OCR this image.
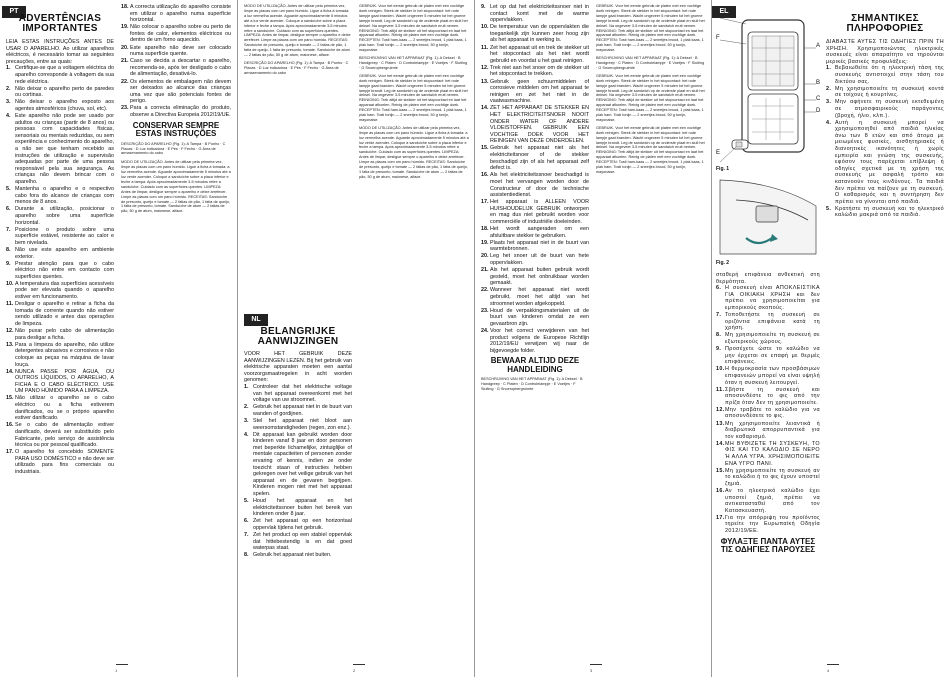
PT
ADVERTÊNCIAS IMPORTANTES
LEIA ESTAS INSTRUÇÕES ANTES DE USAR O APARELHO. Ao utilizar aparelhos eléctricos, é necessário tomar as seguintes precauções, entre as quais:
1. Certifique-se que a voltagem eléctrica do aparelho corresponde à voltagem da sua rede eléctrica.
2. Não deixar o aparelho perto de paredes ou cortinas.
3. Não deixar o aparelho exposto aos agentes atmosféricos (chuva, sol, etc).
4. Este aparelho não pode ser usado por adultos ou crianças (partir de 8 anos) ou pessoas com capacidades físicas, sensoriais ou mentais reduzidas, ou sem experiência e conhecimento do aparelho, a não ser que tenham recebido as instruções de utilização e supervisão adequadas por parte de uma pessoa responsável pela sua segurança. As crianças não devem brincar com o aparelho.
5. Mantenha o aparelho e o respectivo cabo fora do alcance de crianças com menos de 8 anos.
6. Durante a utilização, posicionar o aparelho sobre uma superfície horizontal.
7. Posicione o produto sobre uma superfície estável, resistente ao calor e bem nivelada.
8. Não use este aparelho em ambiente exterior.
9. Prestar atenção para que o cabo eléctrico não entre em contacto com superfícies quentes.
10. A temperatura das superfícies acessíveis pode ser elevada quando o aparelho estiver em funcionamento.
11. Desligar o aparelho e retirar a ficha da tomada de corrente quando não estiver sendo utilizado e antes das operações de limpeza.
12. Não puxar pelo cabo de alimentação para desligar a ficha.
13. Para a limpeza do aparelho, não utilize detergentes abrasivos e corrosivos e não coloque as peças na máquina de lavar louça.
14. NUNCA PASSE POR ÁGUA, OU OUTROS LÍQUIDOS, O APARELHO, A FICHA E O CABO ELÉCTRICO. USE UM PANO HÚMIDO PARA A LIMPEZA.
15. Não utilizar o aparelho se o cabo eléctrico ou a ficha estiverem danificados, ou se o próprio aparelho estiver danificado.
16. Se o cabo de alimentação estiver danificado, deverá ser substituído pelo Fabricante, pelo serviço de assistência técnica ou por pessoal qualificado.
17. O aparelho foi concebido SOMENTE PARA USO DOMÉSTICO e não deve ser utilizado para fins comerciais ou industriais.
18. A correcta utilização do aparelho consiste em utilizar o aparelho numa superfície horizontal.
19. Não colocar o aparelho sobre ou perto de fontes de calor, elementos eléctricos ou dentro de um forno aquecido.
20. Este aparelho não deve ser colocado numa superfície quente.
21. Caso se decida a descartar o aparelho, recomenda-se, após ter desligado o cabo de alimentação, desativá-lo.
22. Os elementos de embalagem não devem ser deixados ao alcance das crianças uma vez que são potenciais fontes de perigo.
23. Para a correcta eliminação do produto, observe a Directiva Europeia 2012/19/UE.
CONSERVAR SEMPRE ESTAS INSTRUÇÕES
DESCRIÇÃO DO APARELHO (Fig. 1): A Tampa · B Punho · C Placas · D Luz indicadora · E Pés · F Fecho · G Área de armazenamento do cabo
MODO DE UTILIZAÇÃO. Antes de utilizar pela primeira vez, limpe as placas com um pano húmido. Ligue a ficha à tomada: a luz vermelha acende. Aguarde aproximadamente 5 minutos até a luz verde acender. Coloque a sanduíche sobre a placa inferior e feche a tampa. Após aproximadamente 3-5 minutos retire a sanduíche. Cuidado com as superfícies quentes. LIMPEZA: Antes de limpar, desligue sempre o aparelho e deixe arrefecer. Limpe as placas com um pano húmido. RECEITAS: Sanduíche de presunto, queijo e tomate — 2 fatias de pão, 1 fatia de queijo, 1 fatia de presunto, tomate. Sanduíche de atum — 2 fatias de pão, 50 g de atum, maionese, alface.
1
MODO DE UTILIZAÇÃO. Antes de utilizar pela primeira vez, limpe as placas com um pano húmido. Ligue a ficha à tomada: a luz vermelha acende. Aguarde aproximadamente 5 minutos até a luz verde acender. Coloque a sanduíche sobre a placa inferior e feche a tampa. Após aproximadamente 3-5 minutos retire a sanduíche. Cuidado com as superfícies quentes. LIMPEZA: Antes de limpar, desligue sempre o aparelho e deixe arrefecer. Limpe as placas com um pano húmido. RECEITAS: Sanduíche de presunto, queijo e tomate — 2 fatias de pão, 1 fatia de queijo, 1 fatia de presunto, tomate. Sanduíche de atum — 2 fatias de pão, 50 g de atum, maionese, alface.
DESCRIÇÃO DO APARELHO (Fig. 1): A Tampa · B Punho · C Placas · D Luz indicadora · E Pés · F Fecho · G Área de armazenamento do cabo
NL
BELANGRIJKE AANWIJZINGEN
VOOR HET GEBRUIK DEZE AANWIJZINGEN LEZEN. Bij het gebruik van elektrische apparaten moeten een aantal voorzorgsmaatregelen in acht worden genomen:
1. Controleer dat het elektrische voltage van het apparaat overeenkomt met het voltage van uw stroomnet.
2. Gebruik het apparaat niet in de buurt van wanden of gordijnen.
3. Stel het apparaat niet bloot aan weersomstandigheden (regen, zon enz.).
4. Dit apparaat kan gebruikt worden door kinderen vanaf 8 jaar en door personen met beperkte lichamelijke, zintuiglijke of mentale capaciteiten of personen zonder ervaring of kennis, indien ze onder toezicht staan of instructies hebben gekregen over het veilige gebruik van het apparaat en de gevaren begrijpen. Kinderen mogen niet met het apparaat spelen.
5. Houd het apparaat en het elektriciteitssnoer buiten het bereik van kinderen onder 8 jaar.
6. Zet het apparaat op een horizontaal oppervlak tijdens het gebruik.
7. Zet het product op een stabiel oppervlak dat hittebestendig is en dat goed waterpas staat.
8. Gebruik het apparaat niet buiten.
GEBRUIK. Voor het eerste gebruik de platen met een vochtige doek reinigen. Steek de stekker in het stopcontact: het rode lampje gaat branden. Wacht ongeveer 5 minuten tot het groene lampje brandt. Leg de sandwich op de onderste plaat en sluit het deksel. Na ongeveer 3-5 minuten de sandwich eruit nemen. REINIGING: Trek altijd de stekker uit het stopcontact en laat het apparaat afkoelen. Reinig de platen met een vochtige doek. RECEPTEN: Tosti ham-kaas — 2 sneetjes brood, 1 plak kaas, 1 plak ham. Tosti tonijn — 2 sneetjes brood, 50 g tonijn, mayonaise.
BESCHRIJVING VAN HET APPARAAT (Fig. 1): A Deksel · B Handgreep · C Platen · D Controlelampje · E Voetjes · F Sluiting · G Snoeropbergruimte
GEBRUIK. Voor het eerste gebruik de platen met een vochtige doek reinigen. Steek de stekker in het stopcontact: het rode lampje gaat branden. Wacht ongeveer 5 minuten tot het groene lampje brandt. Leg de sandwich op de onderste plaat en sluit het deksel. Na ongeveer 3-5 minuten de sandwich eruit nemen. REINIGING: Trek altijd de stekker uit het stopcontact en laat het apparaat afkoelen. Reinig de platen met een vochtige doek. RECEPTEN: Tosti ham-kaas — 2 sneetjes brood, 1 plak kaas, 1 plak ham. Tosti tonijn — 2 sneetjes brood, 50 g tonijn, mayonaise.
MODO DE UTILIZAÇÃO. Antes de utilizar pela primeira vez, limpe as placas com um pano húmido. Ligue a ficha à tomada: a luz vermelha acende. Aguarde aproximadamente 5 minutos até a luz verde acender. Coloque a sanduíche sobre a placa inferior e feche a tampa. Após aproximadamente 3-5 minutos retire a sanduíche. Cuidado com as superfícies quentes. LIMPEZA: Antes de limpar, desligue sempre o aparelho e deixe arrefecer. Limpe as placas com um pano húmido. RECEITAS: Sanduíche de presunto, queijo e tomate — 2 fatias de pão, 1 fatia de queijo, 1 fatia de presunto, tomate. Sanduíche de atum — 2 fatias de pão, 50 g de atum, maionese, alface.
2
9. Let op dat het elektriciteitssnoer niet in contact komt met de warme oppervlakken.
10. De temperatuur van de oppervlakten die toegankelijk zijn kunnen zeer hoog zijn als het apparaat in werking is.
11. Zet het apparaat uit en trek de stekker uit het stopcontact als het niet wordt gebruikt en voordat u het gaat reinigen.
12. Trek niet aan het snoer om de stekker uit het stopcontact te trekken.
13. Gebruik geen schuurmiddelen of corrosieve middelen om het apparaat te reinigen en zet het niet in de vaatwasmachine.
14. ZET HET APPARAAT DE STEKKER EN HET ELEKTRICITEITSNOER NOOIT ONDER WATER OF ANDERE VLOEISTOFFEN. GEBRUIK EEN VOCHTIGE DOEK VOOR HET REINIGEN VAN DEZE ONDERDELEN.
15. Gebruik het apparaat niet als het elektriciteitsnoer of de stekker beschadigd zijn of als het apparaat zelf defect is.
16. Als het elektriciteitssnoer beschadigd is moet het vervangen worden door de Constructeur of door de technische assistentiedienst.
17. Het apparaat is ALLEEN VOOR HUISHOUDELIJK GEBRUIK ontworpen en mag dus niet gebruikt worden voor commerciële of industriële doeleinden.
18. Het wordt aangeraden om een afsluitbare stekker te gebruiken.
19. Plaats het apparaat niet in de buurt van warmtebronnen.
20. Leg het snoer uit de buurt van hete oppervlakken.
21. Als het apparaat buiten gebruik wordt gesteld, moet het onbruikbaar worden gemaakt.
22. Wanneer het apparaat niet wordt gebruikt, moet het altijd van het stroomnet worden afgekoppeld.
23. Houd de verpakkingsmaterialen uit de buurt van kinderen omdat ze een gevaarbron zijn.
24. Voor het correct verwijderen van het product volgens de Europese Richtlijn 2012/19/EU verwijzen wij naar de bijgevoegde folder.
BEWAAR ALTIJD DEZE HANDLEIDING
BESCHRIJVING VAN HET APPARAAT (Fig. 1): A Deksel · B Handgreep · C Platen · D Controlelampje · E Voetjes · F Sluiting · G Snoeropbergruimte
GEBRUIK. Voor het eerste gebruik de platen met een vochtige doek reinigen. Steek de stekker in het stopcontact: het rode lampje gaat branden. Wacht ongeveer 5 minuten tot het groene lampje brandt. Leg de sandwich op de onderste plaat en sluit het deksel. Na ongeveer 3-5 minuten de sandwich eruit nemen. REINIGING: Trek altijd de stekker uit het stopcontact en laat het apparaat afkoelen. Reinig de platen met een vochtige doek. RECEPTEN: Tosti ham-kaas — 2 sneetjes brood, 1 plak kaas, 1 plak ham. Tosti tonijn — 2 sneetjes brood, 50 g tonijn, mayonaise.
BESCHRIJVING VAN HET APPARAAT (Fig. 1): A Deksel · B Handgreep · C Platen · D Controlelampje · E Voetjes · F Sluiting · G Snoeropbergruimte
GEBRUIK. Voor het eerste gebruik de platen met een vochtige doek reinigen. Steek de stekker in het stopcontact: het rode lampje gaat branden. Wacht ongeveer 5 minuten tot het groene lampje brandt. Leg de sandwich op de onderste plaat en sluit het deksel. Na ongeveer 3-5 minuten de sandwich eruit nemen. REINIGING: Trek altijd de stekker uit het stopcontact en laat het apparaat afkoelen. Reinig de platen met een vochtige doek. RECEPTEN: Tosti ham-kaas — 2 sneetjes brood, 1 plak kaas, 1 plak ham. Tosti tonijn — 2 sneetjes brood, 50 g tonijn, mayonaise.
GEBRUIK. Voor het eerste gebruik de platen met een vochtige doek reinigen. Steek de stekker in het stopcontact: het rode lampje gaat branden. Wacht ongeveer 5 minuten tot het groene lampje brandt. Leg de sandwich op de onderste plaat en sluit het deksel. Na ongeveer 3-5 minuten de sandwich eruit nemen. REINIGING: Trek altijd de stekker uit het stopcontact en laat het apparaat afkoelen. Reinig de platen met een vochtige doek. RECEPTEN: Tosti ham-kaas — 2 sneetjes brood, 1 plak kaas, 1 plak ham. Tosti tonijn — 2 sneetjes brood, 50 g tonijn, mayonaise.
3
F
A
B
C
D
E
Fig. 1
Fig. 2
σταθερή επιφάνεια ανθεκτική στη θερμότητα.
6. Η συσκευή είναι ΑΠΟΚΛΕΙΣΤΙΚΑ ΓΙΑ ΟΙΚΙΑΚΗ ΧΡΗΣΗ και δεν πρέπει να χρησιμοποιείται για εμπορικούς σκοπούς.
7. Τοποθετήστε τη συσκευή σε οριζόντια επιφάνεια κατά τη χρήση.
8. Μη χρησιμοποιείτε τη συσκευή σε εξωτερικούς χώρους.
9. Προσέχετε ώστε το καλώδιο να μην έρχεται σε επαφή με θερμές επιφάνειες.
10. Η θερμοκρασία των προσβάσιμων επιφανειών μπορεί να είναι υψηλή όταν η συσκευή λειτουργεί.
11. Σβήστε τη συσκευή και αποσυνδέστε το φις από την πρίζα όταν δεν τη χρησιμοποιείτε.
12. Μην τραβάτε το καλώδιο για να αποσυνδέσετε το φις.
13. Μη χρησιμοποιείτε λειαντικά ή διαβρωτικά απορρυπαντικά για τον καθαρισμό.
14. ΜΗ ΒΥΘΙΖΕΤΕ ΤΗ ΣΥΣΚΕΥΗ, ΤΟ ΦΙΣ ΚΑΙ ΤΟ ΚΑΛΩΔΙΟ ΣΕ ΝΕΡΟ Ή ΑΛΛΑ ΥΓΡΑ. ΧΡΗΣΙΜΟΠΟΙΕΙΤΕ ΕΝΑ ΥΓΡΟ ΠΑΝΙ.
15. Μη χρησιμοποιείτε τη συσκευή αν το καλώδιο ή το φις έχουν υποστεί ζημιά.
16. Αν το ηλεκτρικό καλώδιο έχει υποστεί ζημιά, πρέπει να αντικατασταθεί από τον Κατασκευαστή.
17. Για την απόρριψη του προϊόντος τηρείτε την Ευρωπαϊκή Οδηγία 2012/19/ΕΕ.
ΦΥΛΑΞΤΕ ΠΑΝΤΑ ΑΥΤΕΣ ΤΙΣ ΟΔΗΓΙΕΣ ΠΑΡΟΥΣΕΣ
EL
ΣΗΜΑΝΤΙΚΕΣ ΠΛΗΡΟΦΟΡΙΕΣ
ΔΙΑΒΑΣΤΕ ΑΥΤΕΣ ΤΙΣ ΟΔΗΓΙΕΣ ΠΡΙΝ ΤΗ ΧΡΗΣΗ. Χρησιμοποιώντας ηλεκτρικές συσκευές είναι απαραίτητο να τηρούνται μερικές βασικές προφυλάξεις:
1. Βεβαιωθείτε ότι η ηλεκτρική τάση της συσκευής αντιστοιχεί στην τάση του δικτύου σας.
2. Μη χρησιμοποιείτε τη συσκευή κοντά σε τοίχους ή κουρτίνες.
3. Μην αφήνετε τη συσκευή εκτεθειμένη σε ατμοσφαιρικούς παράγοντες (βροχή, ήλιο, κλπ.).
4. Αυτή η συσκευή μπορεί να χρησιμοποιηθεί από παιδιά ηλικίας άνω των 8 ετών και από άτομα με μειωμένες φυσικές, αισθητηριακές ή διανοητικές ικανότητες ή χωρίς εμπειρία και γνώση της συσκευής, εφόσον τους παρέχεται επίβλεψη ή οδηγίες σχετικά με τη χρήση της συσκευής με ασφαλή τρόπο και κατανοούν τους κινδύνους. Τα παιδιά δεν πρέπει να παίζουν με τη συσκευή. Ο καθαρισμός και η συντήρηση δεν πρέπει να γίνονται από παιδιά.
5. Κρατήστε τη συσκευή και το ηλεκτρικό καλώδιο μακριά από τα παιδιά.
4
